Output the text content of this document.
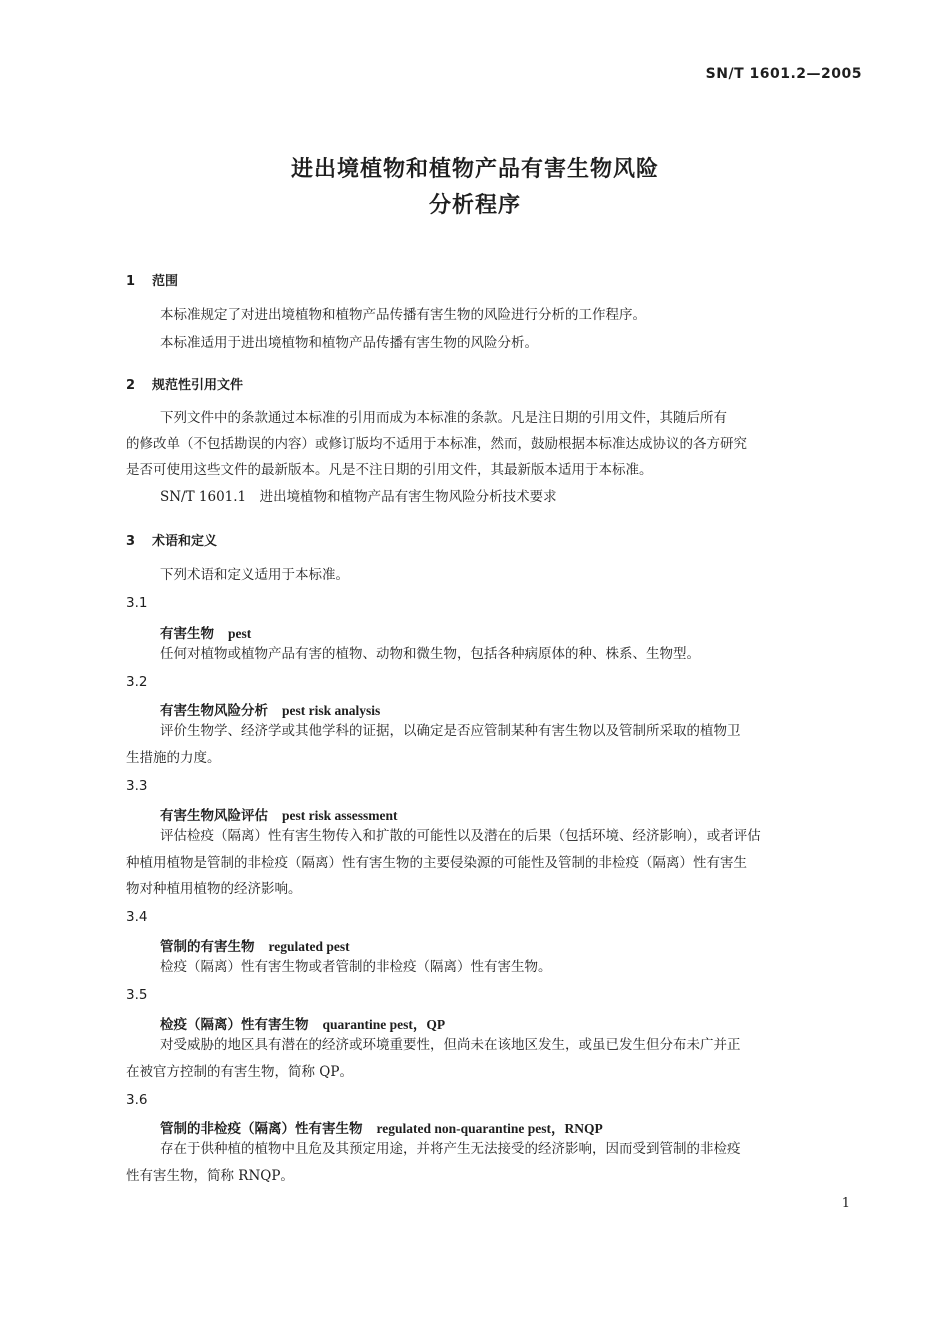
SN/T 1601.2—2005
进出境植物和植物产品有害生物风险
分析程序
1 范围
本标准规定了对进出境植物和植物产品传播有害生物的风险进行分析的工作程序。
本标准适用于进出境植物和植物产品传播有害生物的风险分析。
2 规范性引用文件
下列文件中的条款通过本标准的引用而成为本标准的条款。凡是注日期的引用文件，其随后所有
的修改单（不包括勘误的内容）或修订版均不适用于本标准，然而，鼓励根据本标准达成协议的各方研究
是否可使用这些文件的最新版本。凡是不注日期的引用文件，其最新版本适用于本标准。
SN/T 1601.1　进出境植物和植物产品有害生物风险分析技术要求
3 术语和定义
下列术语和定义适用于本标准。
3.1
有害生物 pest
任何对植物或植物产品有害的植物、动物和微生物，包括各种病原体的种、株系、生物型。
3.2
有害生物风险分析 pest risk analysis
评价生物学、经济学或其他学科的证据，以确定是否应管制某种有害生物以及管制所采取的植物卫
生措施的力度。
3.3
有害生物风险评估 pest risk assessment
评估检疫（隔离）性有害生物传入和扩散的可能性以及潜在的后果（包括环境、经济影响），或者评估
种植用植物是管制的非检疫（隔离）性有害生物的主要侵染源的可能性及管制的非检疫（隔离）性有害生
物对种植用植物的经济影响。
3.4
管制的有害生物 regulated pest
检疫（隔离）性有害生物或者管制的非检疫（隔离）性有害生物。
3.5
检疫（隔离）性有害生物 quarantine pest，QP
对受威胁的地区具有潜在的经济或环境重要性，但尚未在该地区发生，或虽已发生但分布未广并正
在被官方控制的有害生物，简称 QP。
3.6
管制的非检疫（隔离）性有害生物 regulated non-quarantine pest，RNQP
存在于供种植的植物中且危及其预定用途，并将产生无法接受的经济影响，因而受到管制的非检疫
性有害生物，简称 RNQP。
1
